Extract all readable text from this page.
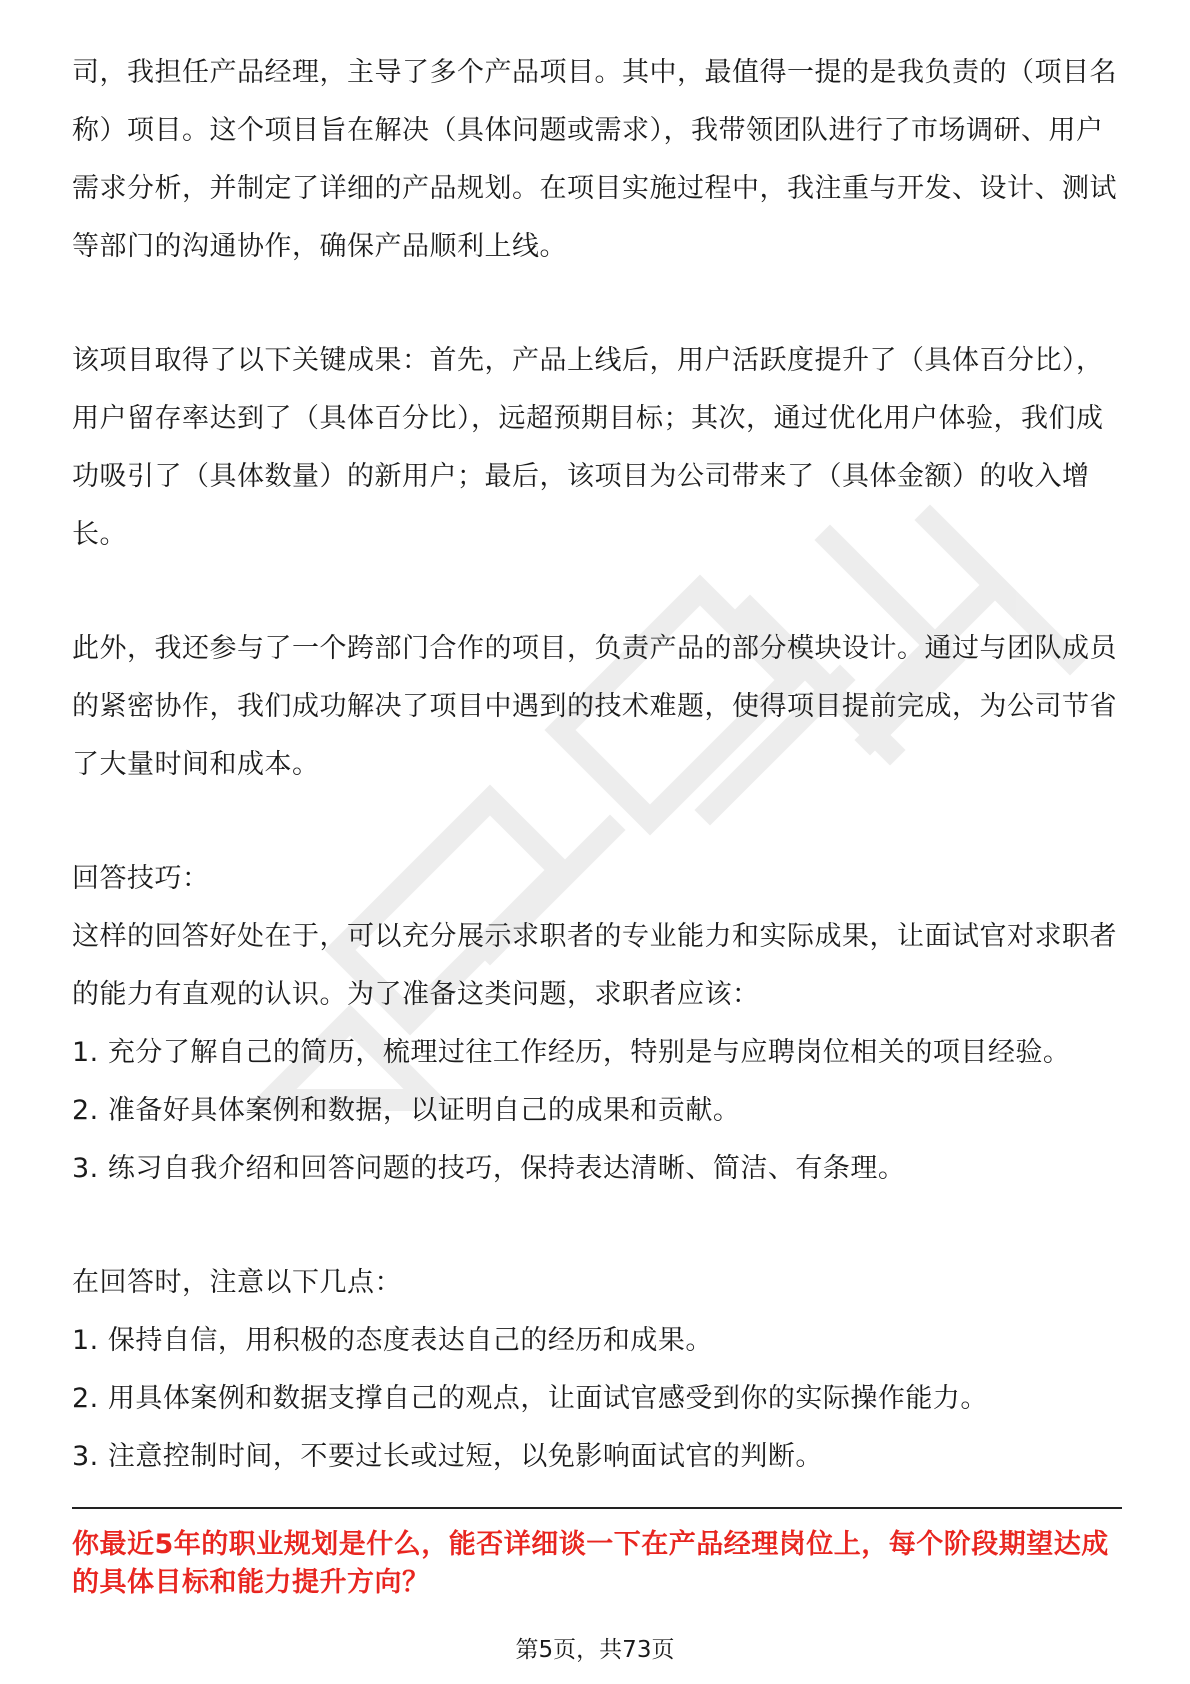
司，我担任产品经理，主导了多个产品项目。其中，最值得一提的是我负责的（项目名称）项目。这个项目旨在解决（具体问题或需求），我带领团队进行了市场调研、用户需求分析，并制定了详细的产品规划。在项目实施过程中，我注重与开发、设计、测试等部门的沟通协作，确保产品顺利上线。

该项目取得了以下关键成果：首先，产品上线后，用户活跃度提升了（具体百分比），用户留存率达到了（具体百分比），远超预期目标；其次，通过优化用户体验，我们成功吸引了（具体数量）的新用户；最后，该项目为公司带来了（具体金额）的收入增长。

此外，我还参与了一个跨部门合作的项目，负责产品的部分模块设计。通过与团队成员的紧密协作，我们成功解决了项目中遇到的技术难题，使得项目提前完成，为公司节省了大量时间和成本。

回答技巧：

这样的回答好处在于，可以充分展示求职者的专业能力和实际成果，让面试官对求职者的能力有直观的认识。为了准备这类问题，求职者应该：

1. 充分了解自己的简历，梳理过往工作经历，特别是与应聘岗位相关的项目经验。

2. 准备好具体案例和数据，以证明自己的成果和贡献。

3. 练习自我介绍和回答问题的技巧，保持表达清晰、简洁、有条理。

在回答时，注意以下几点：

1. 保持自信，用积极的态度表达自己的经历和成果。

2. 用具体案例和数据支撑自己的观点，让面试官感受到你的实际操作能力。

3. 注意控制时间，不要过长或过短，以免影响面试官的判断。

你最近5年的职业规划是什么，能否详细谈一下在产品经理岗位上，每个阶段期望达成的具体目标和能力提升方向？
第5页，共73页
